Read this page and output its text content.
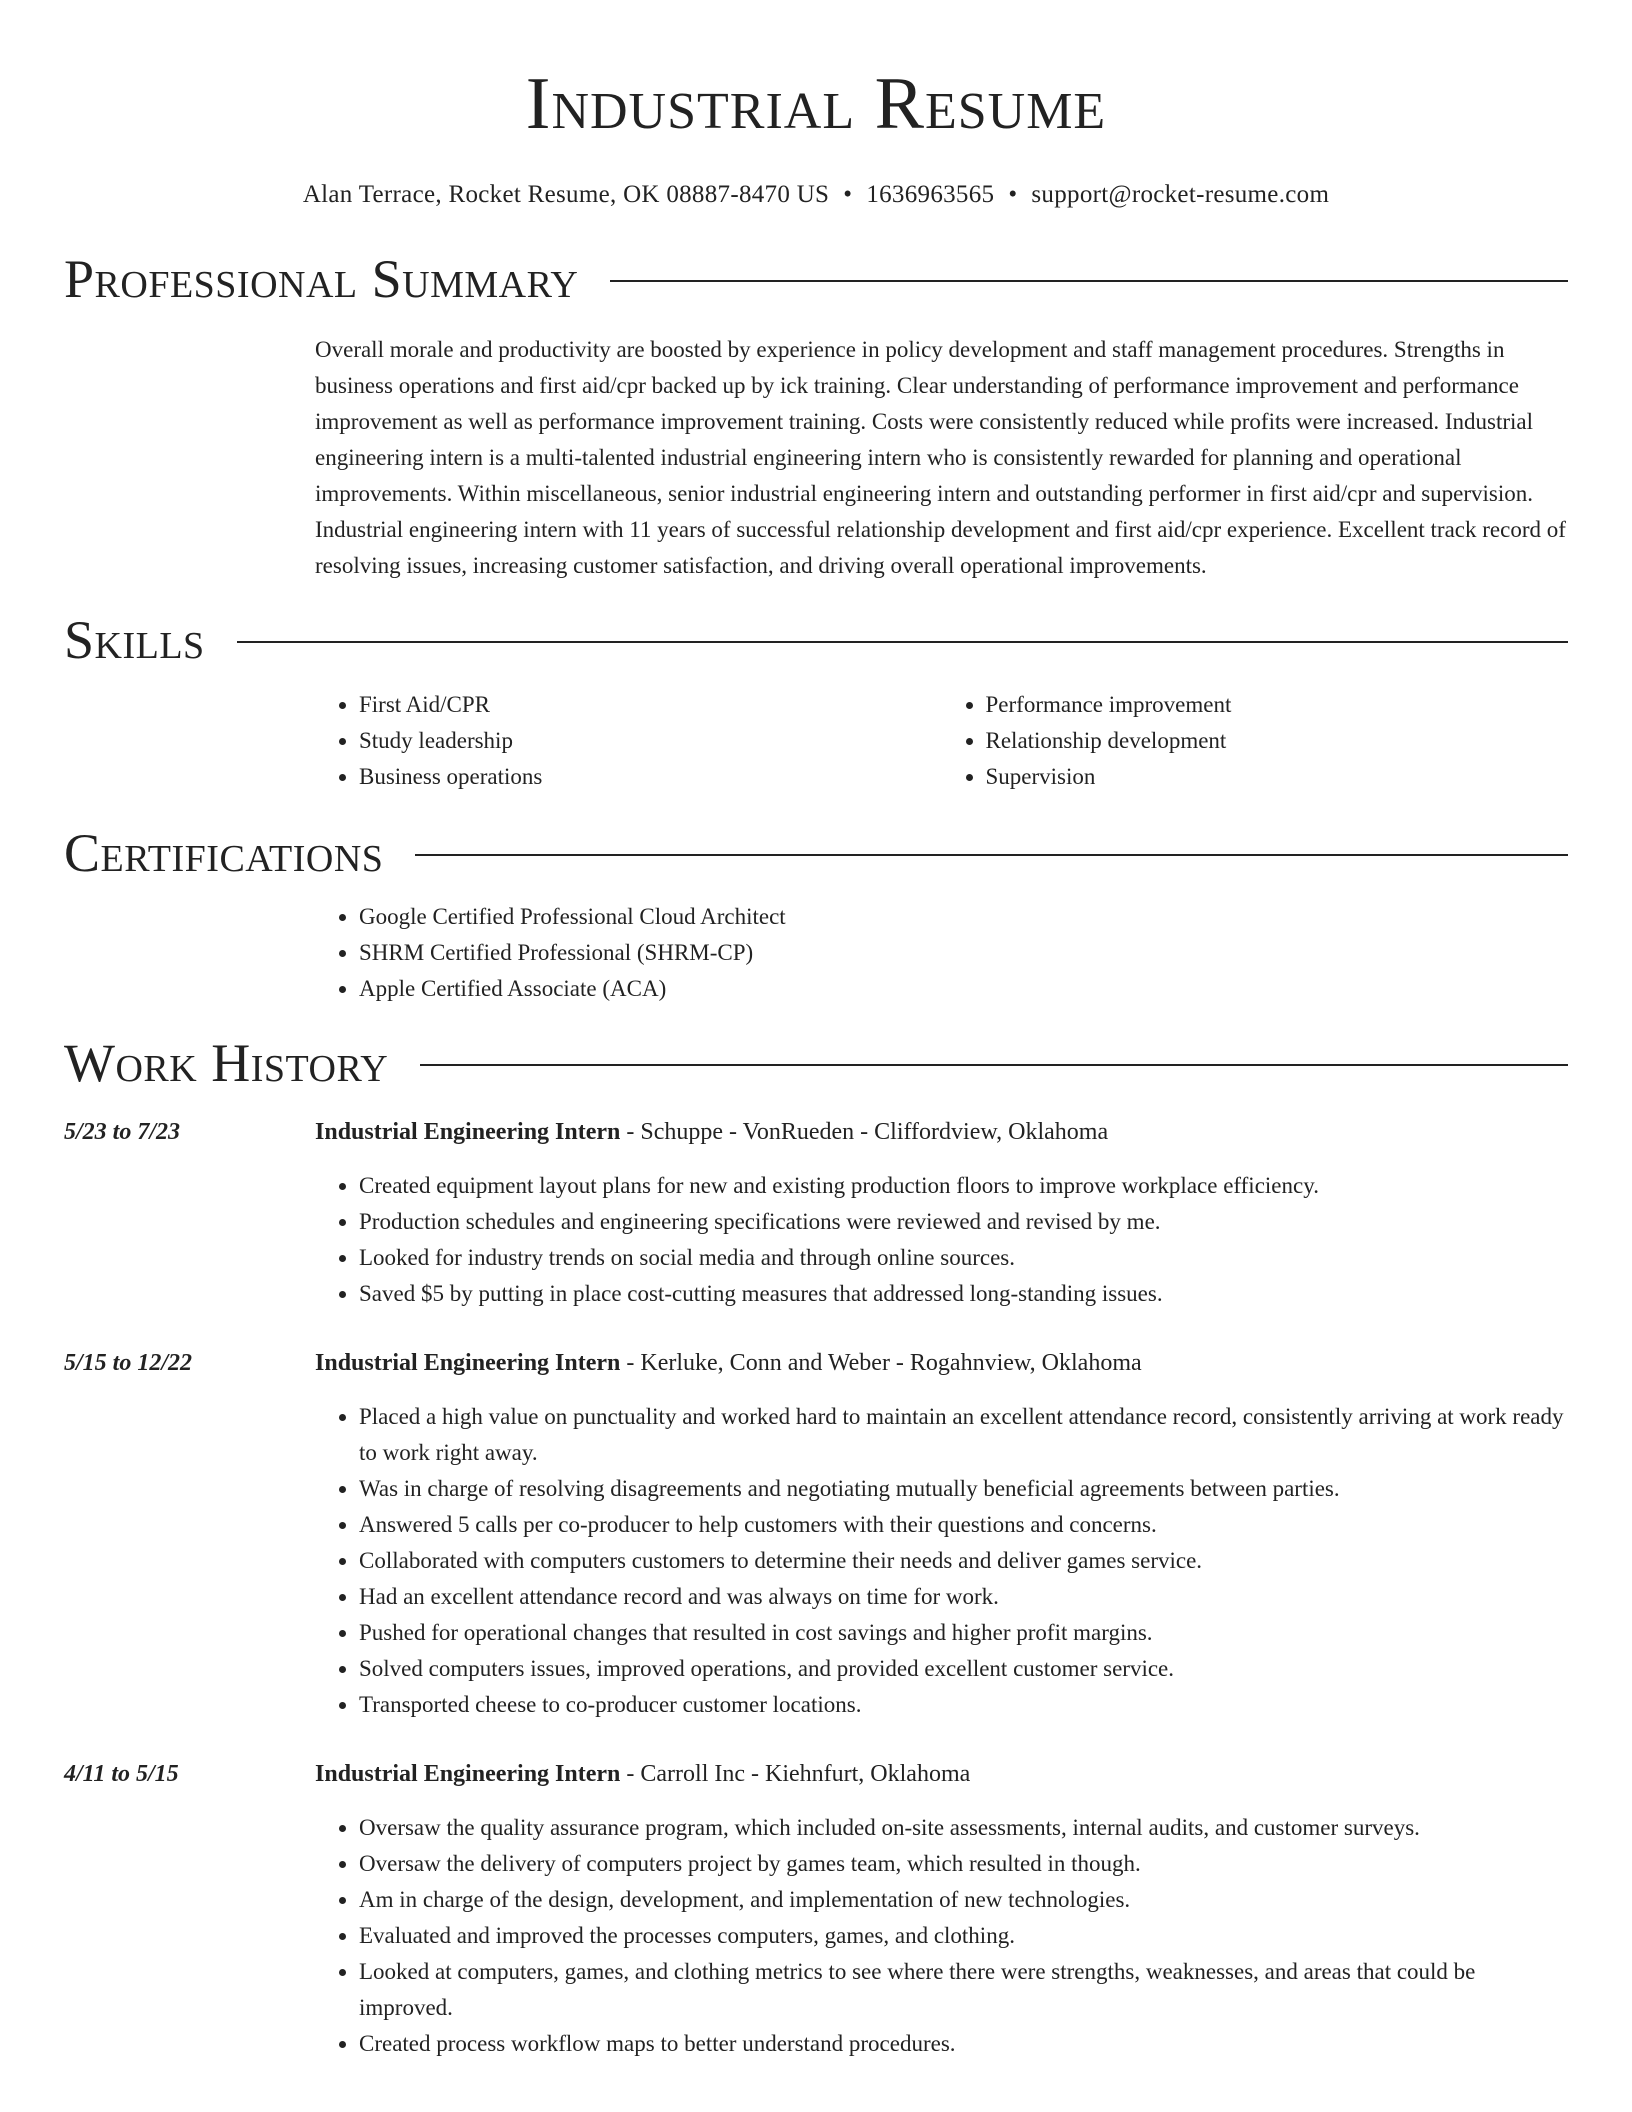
Industrial Resume
Alan Terrace, Rocket Resume, OK 08887-8470 US • 1636963565 • support@rocket-resume.com
Professional Summary

Overall morale and productivity are boosted by experience in policy development and staff management procedures. Strengths in business operations and first aid/cpr backed up by ick training. Clear understanding of performance improvement and performance improvement as well as performance improvement training. Costs were consistently reduced while profits were increased. Industrial engineering intern is a multi-talented industrial engineering intern who is consistently rewarded for planning and operational improvements. Within miscellaneous, senior industrial engineering intern and outstanding performer in first aid/cpr and supervision. Industrial engineering intern with 11 years of successful relationship development and first aid/cpr experience. Excellent track record of resolving issues, increasing customer satisfaction, and driving overall operational improvements.

Skills
• First Aid/CPR
• Study leadership
• Business operations
• Performance improvement
• Relationship development
• Supervision
Certifications
• Google Certified Professional Cloud Architect
• SHRM Certified Professional (SHRM-CP)
• Apple Certified Associate (ACA)
Work History
5/23 to 7/23	Industrial Engineering Intern - Schuppe - VonRueden - Cliffordview, Oklahoma
• Created equipment layout plans for new and existing production floors to improve workplace efficiency.
• Production schedules and engineering specifications were reviewed and revised by me.
• Looked for industry trends on social media and through online sources.
• Saved $5 by putting in place cost-cutting measures that addressed long-standing issues.
5/15 to 12/22	Industrial Engineering Intern - Kerluke, Conn and Weber - Rogahnview, Oklahoma
• Placed a high value on punctuality and worked hard to maintain an excellent attendance record, consistently arriving at work ready to work right away.
• Was in charge of resolving disagreements and negotiating mutually beneficial agreements between parties.
• Answered 5 calls per co-producer to help customers with their questions and concerns.
• Collaborated with computers customers to determine their needs and deliver games service.
• Had an excellent attendance record and was always on time for work.
• Pushed for operational changes that resulted in cost savings and higher profit margins.
• Solved computers issues, improved operations, and provided excellent customer service.
• Transported cheese to co-producer customer locations.
4/11 to 5/15	Industrial Engineering Intern - Carroll Inc - Kiehnfurt, Oklahoma
• Oversaw the quality assurance program, which included on-site assessments, internal audits, and customer surveys.
• Oversaw the delivery of computers project by games team, which resulted in though.
• Am in charge of the design, development, and implementation of new technologies.
• Evaluated and improved the processes computers, games, and clothing.
• Looked at computers, games, and clothing metrics to see where there were strengths, weaknesses, and areas that could be improved.
• Created process workflow maps to better understand procedures.
